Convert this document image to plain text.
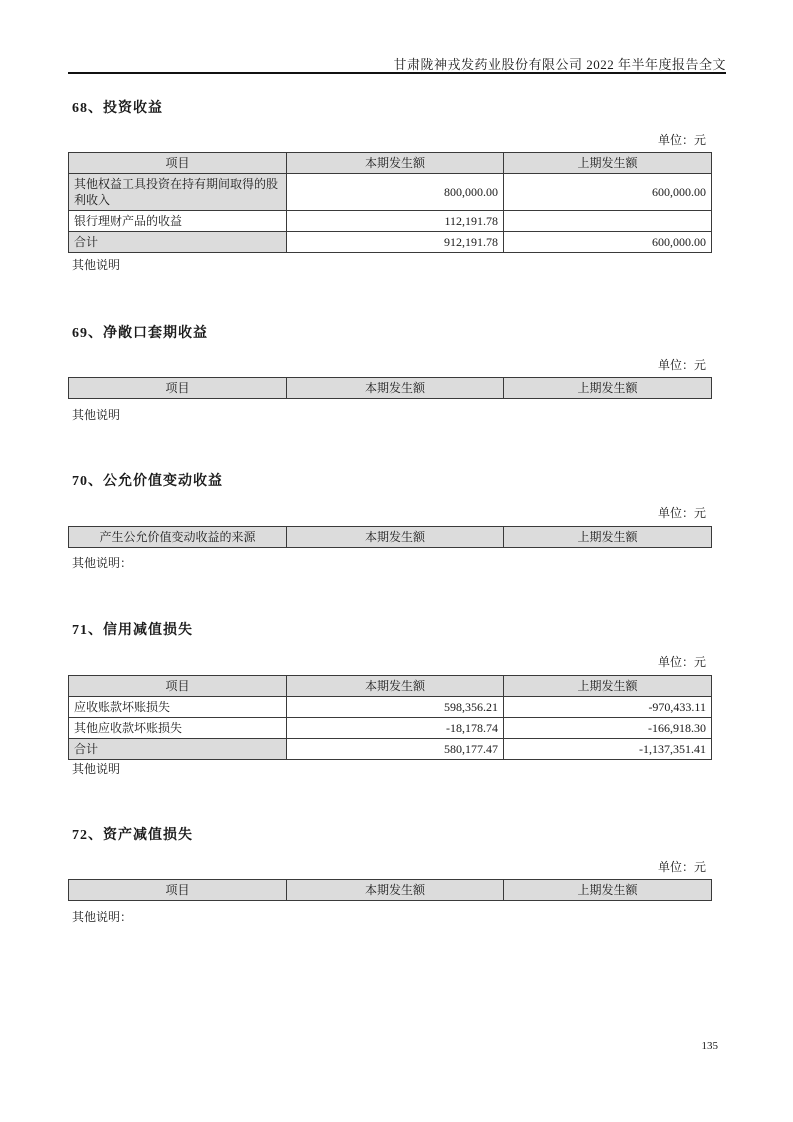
甘肃陇神戎发药业股份有限公司 2022 年半年度报告全文
68、投资收益
单位：元
项目	本期发生额	上期发生额
其他权益工具投资在持有期间取得的股利收入	800,000.00	600,000.00
银行理财产品的收益	112,191.78	
合计	912,191.78	600,000.00
其他说明
69、净敞口套期收益
单位：元
项目	本期发生额	上期发生额
其他说明
70、公允价值变动收益
单位：元
产生公允价值变动收益的来源	本期发生额	上期发生额
其他说明：
71、信用减值损失
单位：元
项目	本期发生额	上期发生额
应收账款坏账损失	598,356.21	-970,433.11
其他应收款坏账损失	-18,178.74	-166,918.30
合计	580,177.47	-1,137,351.41
其他说明
72、资产减值损失
单位：元
项目	本期发生额	上期发生额
其他说明：
135
